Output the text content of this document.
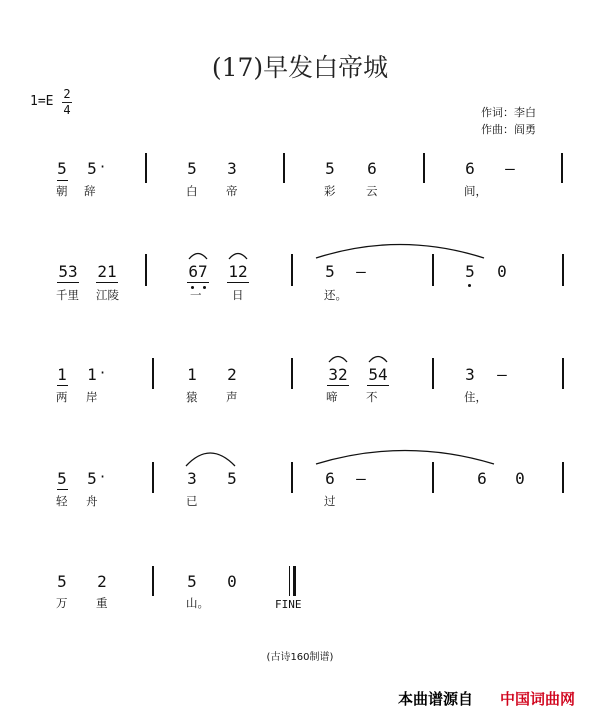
(17)早发白帝城
1=E 2
4	作词：李白
作曲：阎勇
5	5 ·	5	3	5	6	6	–
朝 辞	白 帝	彩	云	间，
53 21	67 12	5	–	5	0
千里 江陵	一	日	还。
1	1 ·	1	2	32 54	3	–
两 岸	猿 声	啼 不	住，
5	5 ·	3	5	6	–	6	0
轻 舟	已	过
5	2	5	0
万 重	山。	FINE
(古诗160制谱)
本曲谱源自 中国词曲网
